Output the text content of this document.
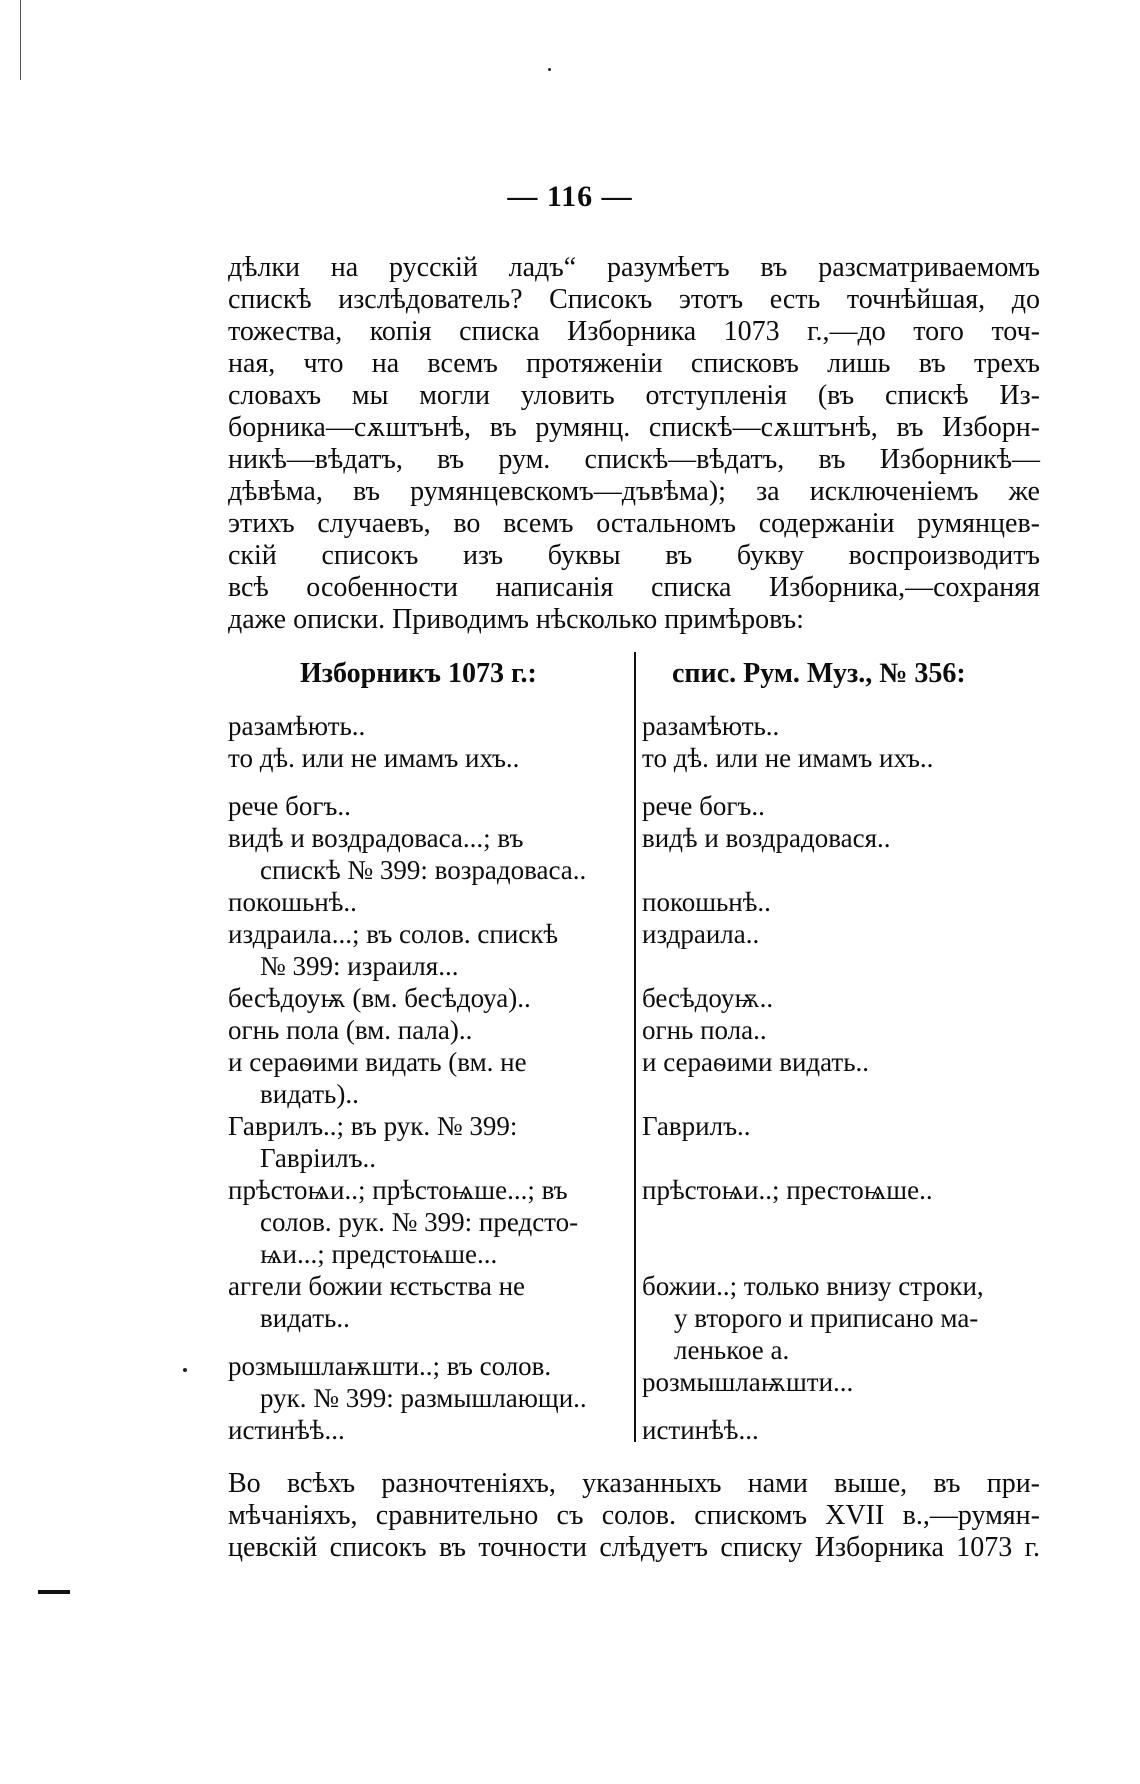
— 116 —
дѣлки на русскій ладъ“ разумѣетъ въ разсматриваемомъ
спискѣ изслѣдователь? Списокъ этотъ есть точнѣйшая, до
тожества, копія списка Изборника 1073 г.,—до того точ-
ная, что на всемъ протяженіи списковъ лишь въ трехъ
словахъ мы могли уловить отступленія (въ спискѣ Из-
борника—сѫштънѣ, въ румянц. спискѣ—сѫштънѣ, въ Изборн-
никѣ—вѣдатъ, въ рум. спискѣ—вѣдатъ, въ Изборникѣ—
дѣвѣма, въ румянцевскомъ—дъвѣма); за исключеніемъ же
этихъ случаевъ, во всемъ остальномъ содержаніи румянцев-
скій списокъ изъ буквы въ букву воспроизводитъ
всѣ особенности написанія списка Изборника,—сохраняя
даже описки. Приводимъ нѣсколько примѣровъ:
Изборникъ 1073 г.:	спис. Рум. Муз., № 356:
разамѣють..
то дѣ. или не имамъ ихъ..
рече богъ..
видѣ и воздрадоваса...; въ
спискѣ № 399: возрадоваса..
покошьнѣ..
издраила...; въ солов. спискѣ
№ 399: израиля...
бесѣдоуѭ (вм. бесѣдоуа)..
огнь пола (вм. пала)..
и сераѳими видать (вм. не
видать)..
Гаврилъ..; въ рук. № 399:
Гавріилъ..
прѣстоѩи..; прѣстоѩше...; въ
солов. рук. № 399: предсто-
ѩи...; предстоѩше...
аггели божии ѥстьства не
видать..
розмышлаѭшти..; въ солов.
рук. № 399: размышлающи..
истинѣѣ...
разамѣють..
то дѣ. или не имамъ ихъ..
рече богъ..
видѣ и воздрадовася..
покошьнѣ..
издраила..
бесѣдоуѭ..
огнь пола..
и сераѳими видать..
Гаврилъ..
прѣстоѩи..; престоѩше..
божии..; только внизу строки,
у второго и приписано ма-
ленькое а.
розмышлаѭшти...
истинѣѣ...
Во всѣхъ разночтеніяхъ, указанныхъ нами выше, въ при-
мѣчаніяхъ, сравнительно съ солов. спискомъ XVII в.,—румян-
цевскій списокъ въ точности слѣдуетъ списку Изборника 1073 г.
